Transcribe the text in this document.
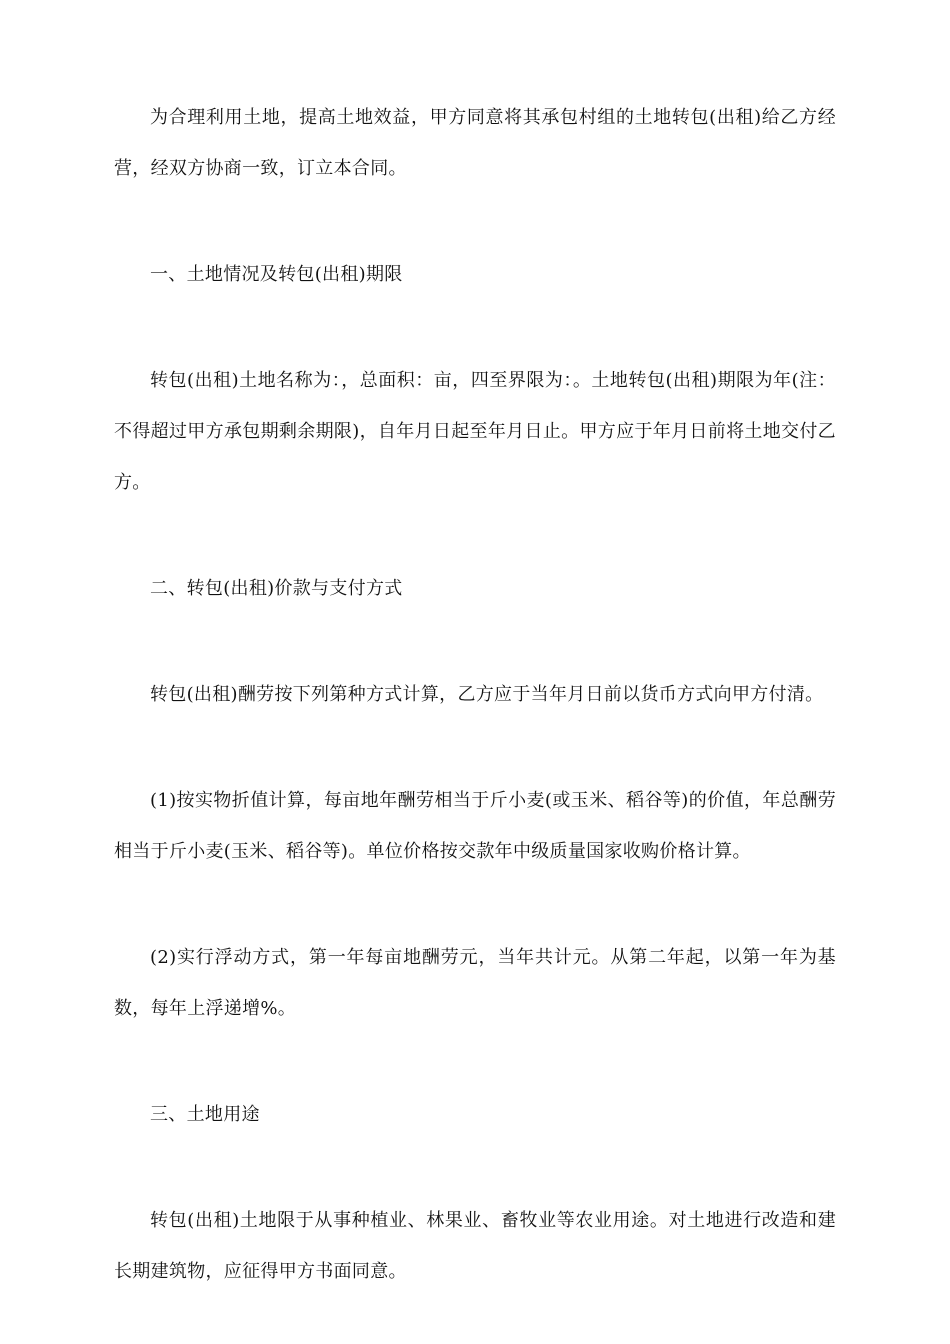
为合理利用土地，提高土地效益，甲方同意将其承包村组的土地转包(出租)给乙方经营，经双方协商一致，订立本合同。

一、土地情况及转包(出租)期限

转包(出租)土地名称为：，总面积：亩，四至界限为：。土地转包(出租)期限为年(注：不得超过甲方承包期剩余期限)，自年月日起至年月日止。甲方应于年月日前将土地交付乙方。

二、转包(出租)价款与支付方式

转包(出租)酬劳按下列第种方式计算，乙方应于当年月日前以货币方式向甲方付清。

(1)按实物折值计算，每亩地年酬劳相当于斤小麦(或玉米、稻谷等)的价值，年总酬劳相当于斤小麦(玉米、稻谷等)。单位价格按交款年中级质量国家收购价格计算。

(2)实行浮动方式，第一年每亩地酬劳元，当年共计元。从第二年起，以第一年为基数，每年上浮递增%。

三、土地用途

转包(出租)土地限于从事种植业、林果业、畜牧业等农业用途。对土地进行改造和建长期建筑物，应征得甲方书面同意。
